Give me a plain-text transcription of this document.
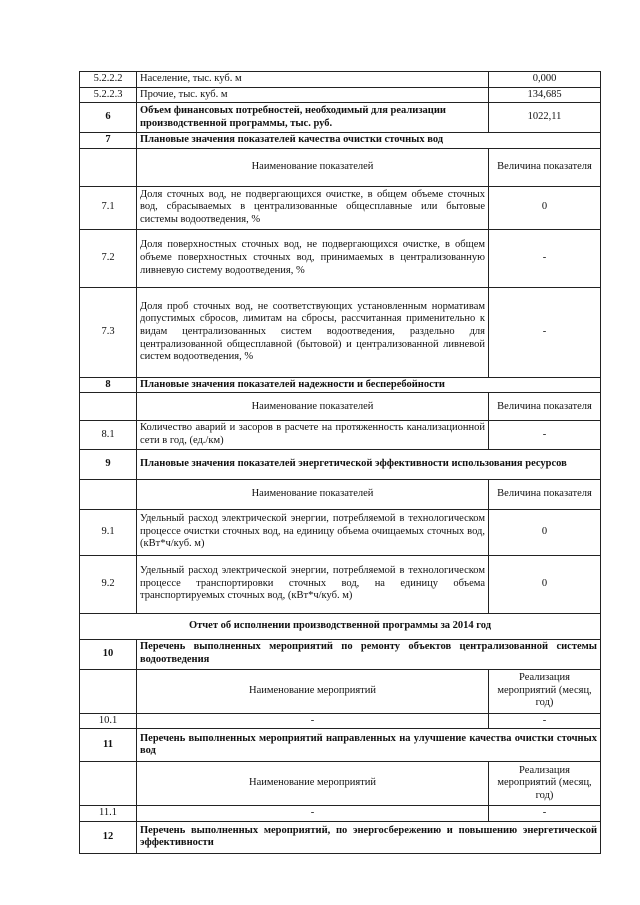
5.2.2.2	Население, тыс. куб. м	0,000
5.2.2.3	Прочие, тыс. куб. м	134,685
6	Объем финансовых потребностей, необходимый для реализации производственной программы, тыс. руб.	1022,11
7	Плановые значения показателей качества очистки сточных вод	
	Наименование показателей	Величина показателя
7.1	Доля сточных вод, не подвергающихся очистке, в общем объеме сточных вод, сбрасываемых в централизованные общесплавные или бытовые системы водоотведения, %	0
7.2	Доля поверхностных сточных вод, не подвергающихся очистке, в общем объеме поверхностных сточных вод, принимаемых в централизованную ливневую систему водоотведения, %	-
7.3	Доля проб сточных вод, не соответствующих установленным нормативам допустимых сбросов, лимитам на сбросы, рассчитанная применительно к видам централизованных систем водоотведения, раздельно для централизованной общесплавной (бытовой) и централизованной ливневой систем водоотведения, %	-
8	Плановые значения показателей надежности и бесперебойности	
	Наименование показателей	Величина показателя
8.1	Количество аварий и засоров в расчете на протяженность канализационной сети в год, (ед./км)	-
9	Плановые значения показателей энергетической эффективности использования ресурсов	
	Наименование показателей	Величина показателя
9.1	Удельный расход электрической энергии, потребляемой в технологическом процессе очистки сточных вод, на единицу объема очищаемых сточных вод, (кВт*ч/куб. м)	0
9.2	Удельный расход электрической энергии, потребляемой в технологическом процессе транспортировки сточных вод, на единицу объема транспортируемых сточных вод, (кВт*ч/куб. м)	0
Отчет об исполнении производственной программы за 2014 год		
10	Перечень выполненных мероприятий по ремонту объектов централизованной системы водоотведения	
	Наименование мероприятий	Реализация мероприятий (месяц, год)
10.1	-	-
11	Перечень выполненных мероприятий направленных на улучшение качества очистки сточных вод	
	Наименование мероприятий	Реализация мероприятий (месяц, год)
11.1	-	-
12	Перечень выполненных мероприятий, по энергосбережению и повышению энергетической эффективности	
